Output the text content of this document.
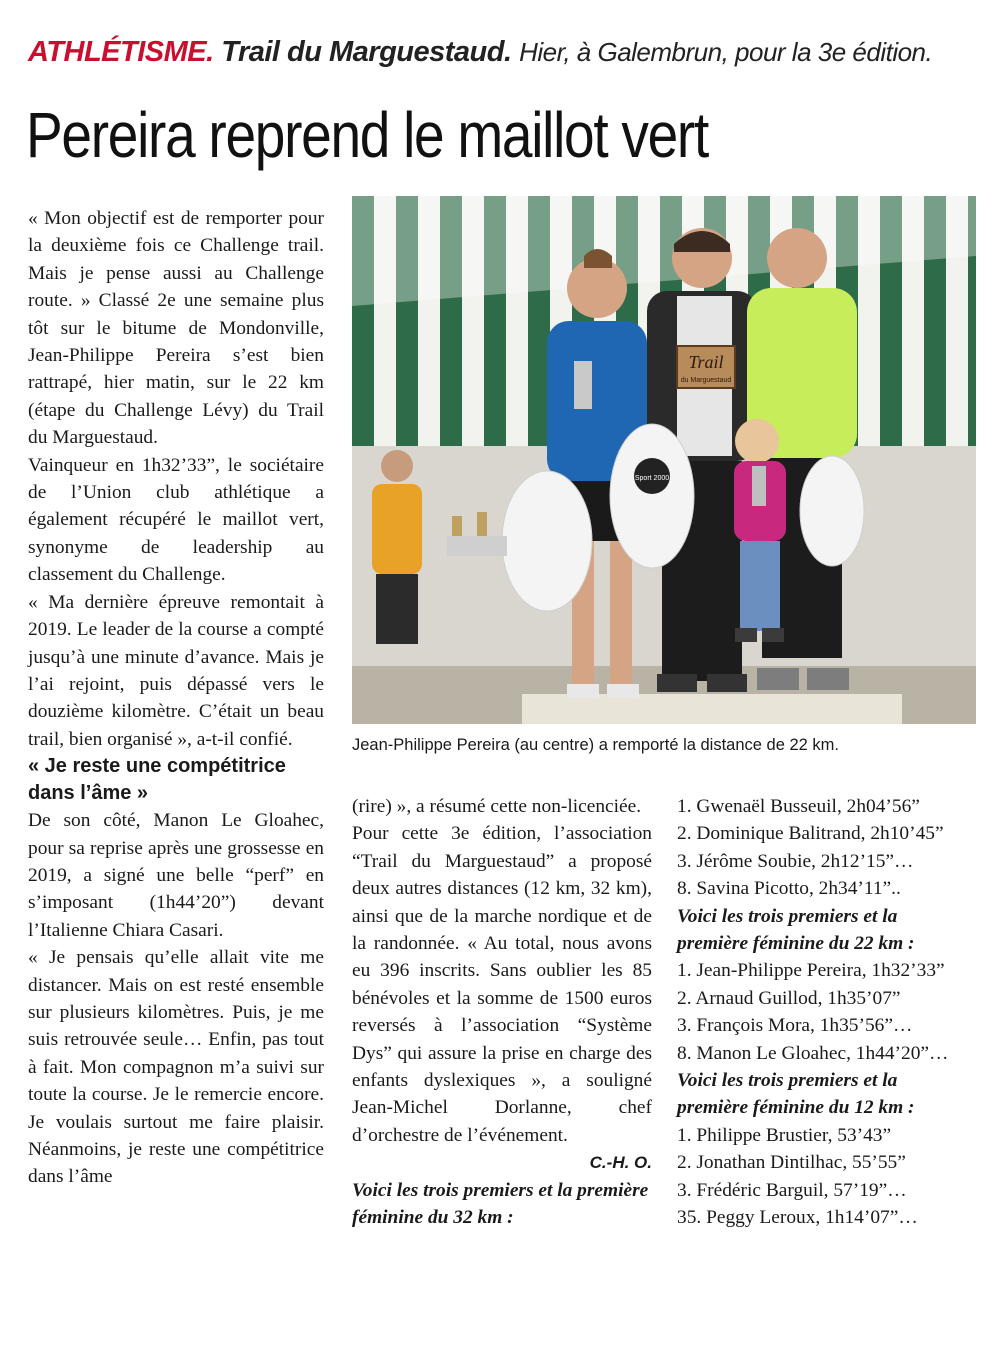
ATHLÉTISME. Trail du Marguestaud. Hier, à Galembrun, pour la 3e édition.
Pereira reprend le maillot vert

« Mon objectif est de remporter pour la deuxième fois ce Challenge trail. Mais je pense aussi au Challenge route. » Classé 2e une semaine plus tôt sur le bitume de Mondonville, Jean-Philippe Pereira s’est bien rattrapé, hier matin, sur le 22 km (étape du Challenge Lévy) du Trail du Marguestaud.

Vainqueur en 1h32’33”, le sociétaire de l’Union club athlétique a également récupéré le maillot vert, synonyme de leadership au classement du Challenge.

« Ma dernière épreuve remontait à 2019. Le leader de la course a compté jusqu’à une minute d’avance. Mais je l’ai rejoint, puis dépassé vers le douzième kilomètre. C’était un beau trail, bien organisé », a-t-il confié.

« Je reste une compétitrice dans l’âme »

De son côté, Manon Le Gloahec, pour sa reprise après une grossesse en 2019, a signé une belle “perf” en s’imposant (1h44’20”) devant l’Italienne Chiara Casari.

« Je pensais qu’elle allait vite me distancer. Mais on est resté ensemble sur plusieurs kilomètres. Puis, je me suis retrouvée seule… Enfin, pas tout à fait. Mon compagnon m’a suivi sur toute la course. Je le remercie encore. Je voulais surtout me faire plaisir. Néanmoins, je reste une compétitrice dans l’âme

Trail
du Marguestaud
Sport 2000
Jean-Philippe Pereira (au centre) a remporté la distance de 22 km.

(rire) », a résumé cette non-licenciée.

Pour cette 3e édition, l’association “Trail du Marguestaud” a proposé deux autres distances (12 km, 32 km), ainsi que de la marche nordique et de la randonnée. « Au total, nous avons eu 396 inscrits. Sans oublier les 85 bénévoles et la somme de 1500 euros reversés à l’association “Système Dys” qui assure la prise en charge des enfants dyslexiques », a souligné Jean-Michel Dorlanne, chef d’orchestre de l’événement.

C.-H. O.

Voici les trois premiers et la première féminine du 32 km :

1. Gwenaël Busseuil, 2h04’56”

2. Dominique Balitrand, 2h10’45”

3. Jérôme Soubie, 2h12’15”…

8. Savina Picotto, 2h34’11”..

Voici les trois premiers et la première féminine du 22 km :

1. Jean-Philippe Pereira, 1h32’33”

2. Arnaud Guillod, 1h35’07”

3. François Mora, 1h35’56”…

8. Manon Le Gloahec, 1h44’20”…

Voici les trois premiers et la première féminine du 12 km :

1. Philippe Brustier, 53’43”

2. Jonathan Dintilhac, 55’55”

3. Frédéric Barguil, 57’19”…

35. Peggy Leroux, 1h14’07”…
